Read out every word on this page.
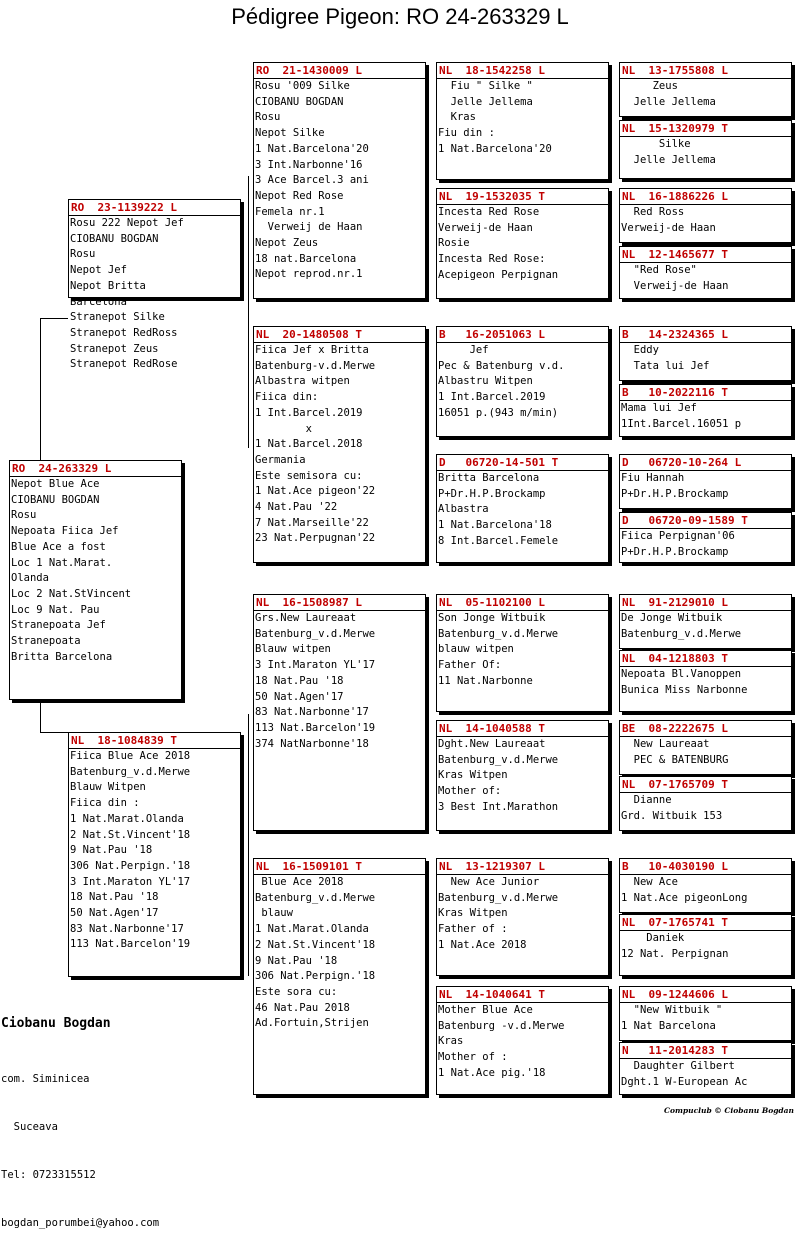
Pédigree Pigeon: RO 24-263329 L
RO  24-263329 L
Nepot Blue Ace
CIOBANU BOGDAN
Rosu
Nepoata Fiica Jef
Blue Ace a fost
Loc 1 Nat.Marat.
Olanda
Loc 2 Nat.StVincent
Loc 9 Nat. Pau
Stranepoata Jef
Stranepoata
Britta Barcelona
RO  23-1139222 L
Rosu 222 Nepot Jef
CIOBANU BOGDAN
Rosu
Nepot Jef
Nepot Britta
Barcelona
Stranepot Silke
Stranepot RedRoss
Stranepot Zeus
Stranepot RedRose
NL  18-1084839 T
Fiica Blue Ace 2018
Batenburg_v.d.Merwe
Blauw Witpen
Fiica din :
1 Nat.Marat.Olanda
2 Nat.St.Vincent'18
9 Nat.Pau '18
306 Nat.Perpign.'18
3 Int.Maraton YL'17
18 Nat.Pau '18
50 Nat.Agen'17
83 Nat.Narbonne'17
113 Nat.Barcelon'19
RO  21-1430009 L
Rosu '009 Silke
CIOBANU BOGDAN
Rosu
Nepot Silke
1 Nat.Barcelona'20
3 Int.Narbonne'16
3 Ace Barcel.3 ani
Nepot Red Rose
Femela nr.1
Verweij de Haan
Nepot Zeus
18 nat.Barcelona
Nepot reprod.nr.1
NL  20-1480508 T
Fiica Jef x Britta
Batenburg-v.d.Merwe
Albastra witpen
Fiica din:
1 Int.Barcel.2019
x
1 Nat.Barcel.2018
Germania
Este semisora cu:
1 Nat.Ace pigeon'22
4 Nat.Pau '22
7 Nat.Marseille'22
23 Nat.Perpugnan'22
NL  16-1508987 L
Grs.New Laureaat
Batenburg_v.d.Merwe
Blauw witpen
3 Int.Maraton YL'17
18 Nat.Pau '18
50 Nat.Agen'17
83 Nat.Narbonne'17
113 Nat.Barcelon'19
374 NatNarbonne'18
NL  16-1509101 T
Blue Ace 2018
Batenburg_v.d.Merwe
blauw
1 Nat.Marat.Olanda
2 Nat.St.Vincent'18
9 Nat.Pau '18
306 Nat.Perpign.'18
Este sora cu:
46 Nat.Pau 2018
Ad.Fortuin,Strijen
NL  18-1542258 L
Fiu " Silke "
Jelle Jellema
Kras
Fiu din :
1 Nat.Barcelona'20
NL  19-1532035 T
Incesta Red Rose
Verweij-de Haan
Rosie
Incesta Red Rose:
Acepigeon Perpignan
B   16-2051063 L
Jef
Pec & Batenburg v.d.
Albastru Witpen
1 Int.Barcel.2019
16051 p.(943 m/min)
D   06720-14-501 T
Britta Barcelona
P+Dr.H.P.Brockamp
Albastra
1 Nat.Barcelona'18
8 Int.Barcel.Femele
NL  05-1102100 L
Son Jonge Witbuik
Batenburg_v.d.Merwe
blauw witpen
Father Of:
11 Nat.Narbonne
NL  14-1040588 T
Dght.New Laureaat
Batenburg_v.d.Merwe
Kras Witpen
Mother of:
3 Best Int.Marathon
NL  13-1219307 L
New Ace Junior
Batenburg_v.d.Merwe
Kras Witpen
Father of :
1 Nat.Ace 2018
NL  14-1040641 T
Mother Blue Ace
Batenburg -v.d.Merwe
Kras
Mother of :
1 Nat.Ace pig.'18
NL  13-1755808 L
Zeus
Jelle Jellema
NL  15-1320979 T
Silke
Jelle Jellema
NL  16-1886226 L
Red Ross
Verweij-de Haan
NL  12-1465677 T
"Red Rose"
Verweij-de Haan
B   14-2324365 L
Eddy
Tata lui Jef
B   10-2022116 T
Mama lui Jef
1Int.Barcel.16051 p
D   06720-10-264 L
Fiu Hannah
P+Dr.H.P.Brockamp
D   06720-09-1589 T
Fiica Perpignan'06
P+Dr.H.P.Brockamp
NL  91-2129010 L
De Jonge Witbuik
Batenburg_v.d.Merwe
NL  04-1218803 T
Nepoata Bl.Vanoppen
Bunica Miss Narbonne
BE  08-2222675 L
New Laureaat
PEC & BATENBURG
NL  07-1765709 T
Dianne
Grd. Witbuik 153
B   10-4030190 L
New Ace
1 Nat.Ace pigeonLong
NL  07-1765741 T
Daniek
12 Nat. Perpignan
NL  09-1244606 L
"New Witbuik "
1 Nat Barcelona
N   11-2014283 T
Daughter Gilbert
Dght.1 W-European Ac
Ciobanu Bogdan

com. Siminicea

Suceava

Tel: 0723315512

bogdan_porumbei@yahoo.com

Compuclub © Ciobanu Bogdan
